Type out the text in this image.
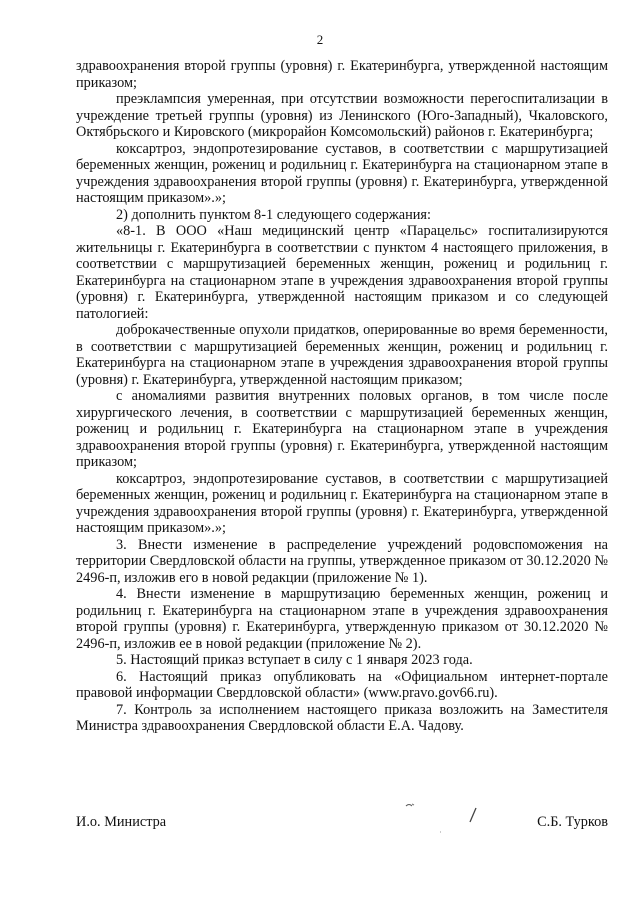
2

здравоохранения второй группы (уровня) г. Екатеринбурга, утвержденной настоящим приказом;

преэклампсия умеренная, при отсутствии возможности перегоспитализации в учреждение третьей группы (уровня) из Ленинского (Юго-Западный), Чкаловского, Октябрьского и Кировского (микрорайон Комсомольский) районов г. Екатеринбурга;

коксартроз, эндопротезирование суставов, в соответствии с маршрутизацией беременных женщин, рожениц и родильниц г. Екатеринбурга на стационарном этапе в учреждения здравоохранения второй группы (уровня) г. Екатеринбурга, утвержденной настоящим приказом».»;

2) дополнить пунктом 8-1 следующего содержания:

«8-1. В ООО «Наш медицинский центр «Парацельс» госпитализируются жительницы г. Екатеринбурга в соответствии с пунктом 4 настоящего приложения, в соответствии с маршрутизацией беременных женщин, рожениц и родильниц г. Екатеринбурга на стационарном этапе в учреждения здравоохранения второй группы (уровня) г. Екатеринбурга, утвержденной настоящим приказом и со следующей патологией:

доброкачественные опухоли придатков, оперированные во время беременности, в соответствии с маршрутизацией беременных женщин, рожениц и родильниц г. Екатеринбурга на стационарном этапе в учреждения здравоохранения второй группы (уровня) г. Екатеринбурга, утвержденной настоящим приказом;

с аномалиями развития внутренних половых органов, в том числе после хирургического лечения, в соответствии с маршрутизацией беременных женщин, рожениц и родильниц г. Екатеринбурга на стационарном этапе в учреждения здравоохранения второй группы (уровня) г. Екатеринбурга, утвержденной настоящим приказом;

коксартроз, эндопротезирование суставов, в соответствии с маршрутизацией беременных женщин, рожениц и родильниц г. Екатеринбурга на стационарном этапе в учреждения здравоохранения второй группы (уровня) г. Екатеринбурга, утвержденной настоящим приказом».»;

3. Внести изменение в распределение учреждений родовспоможения на территории Свердловской области на группы, утвержденное приказом от 30.12.2020 № 2496-п, изложив его в новой редакции (приложение № 1).

4. Внести изменение в маршрутизацию беременных женщин, рожениц и родильниц г. Екатеринбурга на стационарном этапе в учреждения здравоохранения второй группы (уровня) г. Екатеринбурга, утвержденную приказом от 30.12.2020 № 2496-п, изложив ее в новой редакции (приложение № 2).

5. Настоящий приказ вступает в силу с 1 января 2023 года.

6. Настоящий приказ опубликовать на «Официальном интернет-портале правовой информации Свердловской области» (www.pravo.gov66.ru).

7. Контроль за исполнением настоящего приказа возложить на Заместителя Министра здравоохранения Свердловской области Е.А. Чадову.

И.о. Министра	С.Б. Турков
